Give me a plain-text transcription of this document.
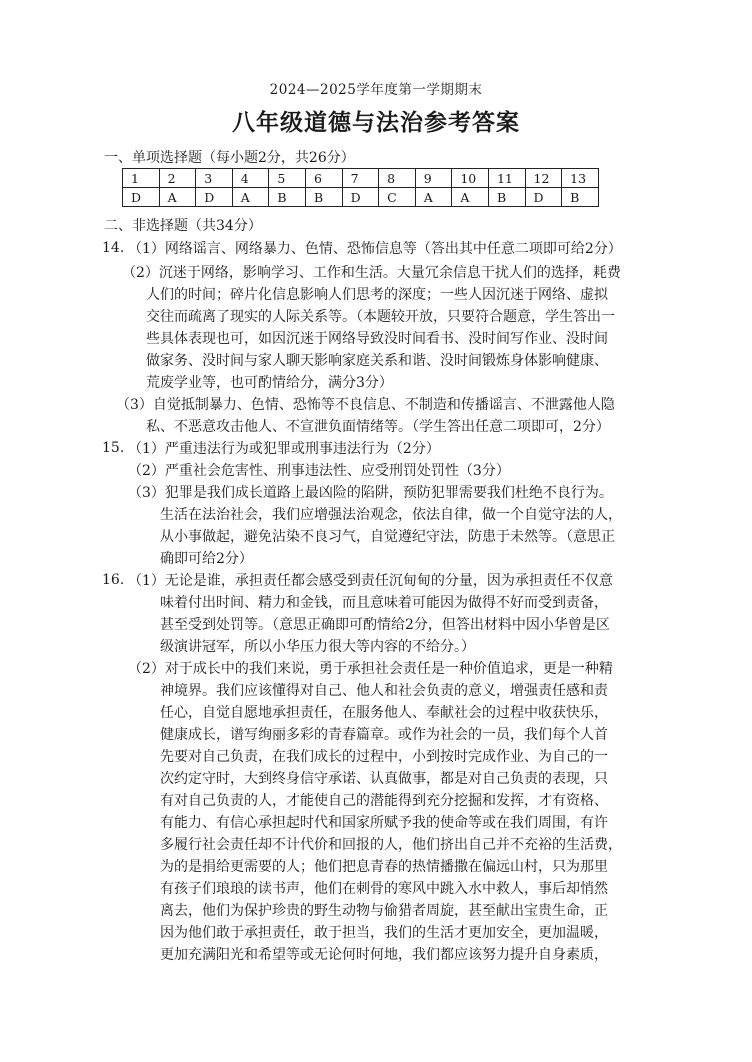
2024—2025学年度第一学期期末
八年级道德与法治参考答案
一、单项选择题（每小题2分，共26分）
1	2	3	4	5	6	7	8	9	10	11	12	13
D	A	D	A	B	B	D	C	A	A	B	D	B
二、非选择题（共34分）
14. （1）网络谣言、网络暴力、色情、恐怖信息等（答出其中任意二项即可给2分）

（2）沉迷于网络，影响学习、工作和生活。大量冗余信息干扰人们的选择，耗费

人们的时间；碎片化信息影响人们思考的深度；一些人因沉迷于网络、虚拟

交往而疏离了现实的人际关系等。（本题较开放，只要符合题意，学生答出一

些具体表现也可，如因沉迷于网络导致没时间看书、没时间写作业、没时间

做家务、没时间与家人聊天影响家庭关系和谐、没时间锻炼身体影响健康、

荒废学业等，也可酌情给分，满分3分）

（3）自觉抵制暴力、色情、恐怖等不良信息、不制造和传播谣言、不泄露他人隐

私、不恶意攻击他人、不宣泄负面情绪等。（学生答出任意二项即可，2分）

15. （1）严重违法行为或犯罪或刑事违法行为（2分）

（2）严重社会危害性、刑事违法性、应受刑罚处罚性（3分）

（3）犯罪是我们成长道路上最凶险的陷阱，预防犯罪需要我们杜绝不良行为。

生活在法治社会，我们应增强法治观念，依法自律，做一个自觉守法的人，

从小事做起，避免沾染不良习气，自觉遵纪守法，防患于未然等。（意思正

确即可给2分）

16. （1）无论是谁，承担责任都会感受到责任沉甸甸的分量，因为承担责任不仅意

味着付出时间、精力和金钱，而且意味着可能因为做得不好而受到责备，

甚至受到处罚等。（意思正确即可酌情给2分，但答出材料中因小华曾是区

级演讲冠军，所以小华压力很大等内容的不给分。）

（2）对于成长中的我们来说，勇于承担社会责任是一种价值追求，更是一种精

神境界。我们应该懂得对自己、他人和社会负责的意义，增强责任感和责

任心，自觉自愿地承担责任，在服务他人、奉献社会的过程中收获快乐，

健康成长，谱写绚丽多彩的青春篇章。或作为社会的一员，我们每个人首

先要对自己负责，在我们成长的过程中，小到按时完成作业、为自己的一

次约定守时，大到终身信守承诺、认真做事，都是对自己负责的表现，只

有对自己负责的人，才能使自己的潜能得到充分挖掘和发挥，才有资格、

有能力、有信心承担起时代和国家所赋予我的使命等或在我们周围，有许

多履行社会责任却不计代价和回报的人，他们挤出自己并不充裕的生活费，

为的是捐给更需要的人；他们把息青春的热情播撒在偏远山村，只为那里

有孩子们琅琅的读书声，他们在刺骨的寒风中跳入水中救人，事后却悄然

离去，他们为保护珍贵的野生动物与偷猎者周旋，甚至献出宝贵生命，正

因为他们敢于承担责任，敢于担当，我们的生活才更加安全，更加温暖，

更加充满阳光和希望等或无论何时何地，我们都应该努力提升自身素质，
